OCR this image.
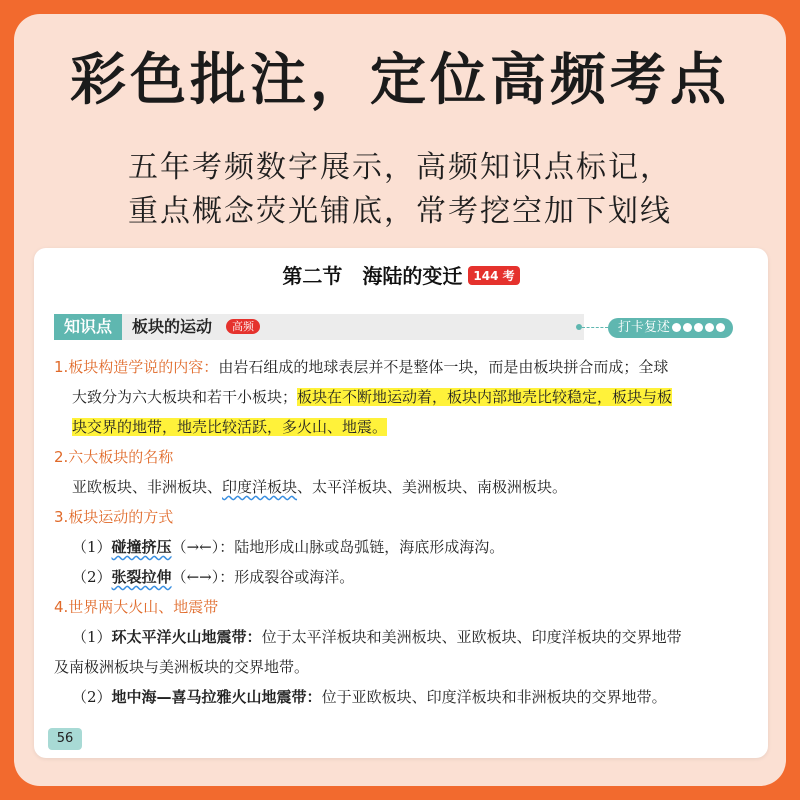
彩色批注，定位高频考点
五年考频数字展示，高频知识点标记，
重点概念荧光铺底，常考挖空加下划线
第二节　海陆的变迁 144 考
知识点	板块的运动 高频	打卡复述

1.板块构造学说的内容：由岩石组成的地球表层并不是整体一块，而是由板块拼合而成；全球

大致分为六大板块和若干小板块；板块在不断地运动着，板块内部地壳比较稳定，板块与板

块交界的地带，地壳比较活跃，多火山、地震。

2.六大板块的名称

亚欧板块、非洲板块、印度洋板块、太平洋板块、美洲板块、南极洲板块。

3.板块运动的方式

（1）碰撞挤压（→←）：陆地形成山脉或岛弧链，海底形成海沟。

（2）张裂拉伸（←→）：形成裂谷或海洋。

4.世界两大火山、地震带

（1）环太平洋火山地震带：位于太平洋板块和美洲板块、亚欧板块、印度洋板块的交界地带

及南极洲板块与美洲板块的交界地带。

（2）地中海—喜马拉雅火山地震带：位于亚欧板块、印度洋板块和非洲板块的交界地带。

56
